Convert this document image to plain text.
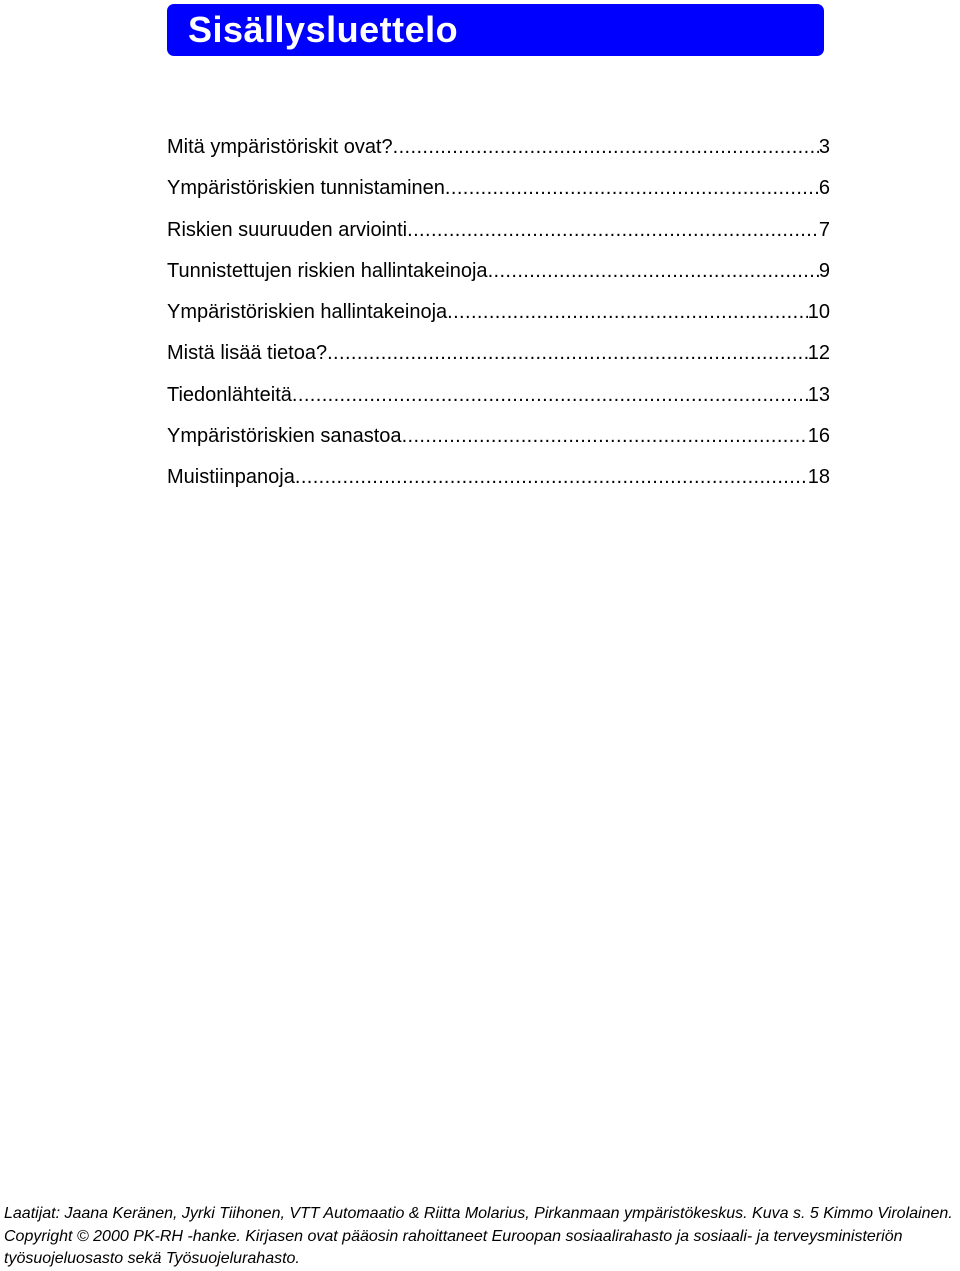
Sisällysluettelo
Mitä ympäristöriskit ovat? .....	3
Ympäristöriskien tunnistaminen .....	6
Riskien suuruuden arviointi .....	7
Tunnistettujen riskien hallintakeinoja .....	9
Ympäristöriskien hallintakeinoja .....	10
Mistä lisää tietoa? .....	12
Tiedonlähteitä .....	13
Ympäristöriskien sanastoa .....	16
Muistiinpanoja .....	18

Laatijat: Jaana Keränen, Jyrki Tiihonen, VTT Automaatio & Riitta Molarius, Pirkanmaan ympäristökeskus. Kuva s. 5 Kimmo Virolainen. Copyright © 2000 PK-RH -hanke. Kirjasen ovat pääosin rahoittaneet Euroopan sosiaalirahasto ja sosiaali- ja terveysministeriön työsuojeluosasto sekä Työsuojelurahasto.
